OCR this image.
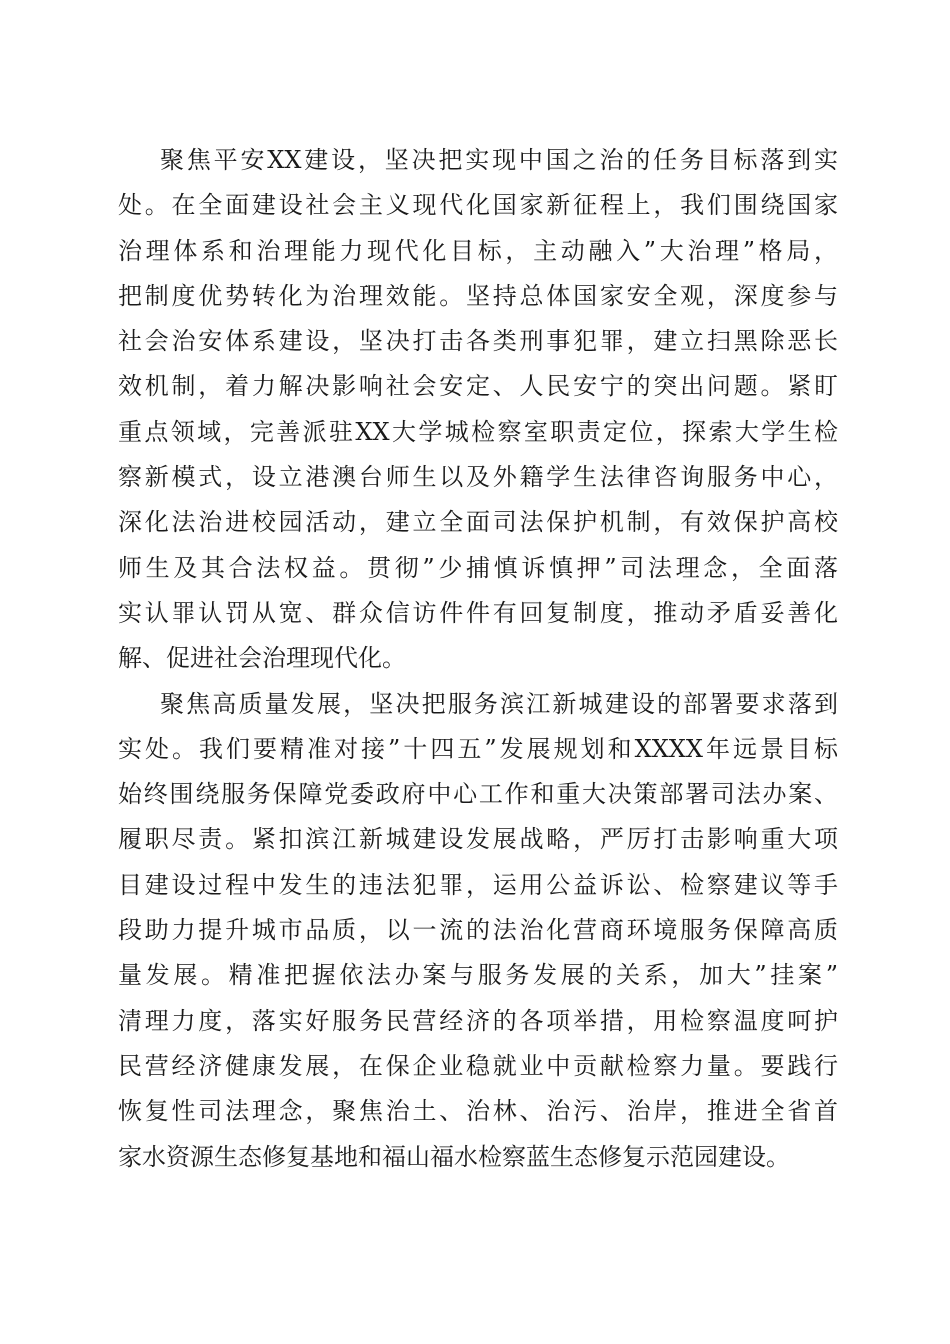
聚焦平安XX建设，坚决把实现中国之治的任务目标落到实
处。在全面建设社会主义现代化国家新征程上，我们围绕国家
治理体系和治理能力现代化目标，主动融入”大治理”格局，
把制度优势转化为治理效能。坚持总体国家安全观，深度参与
社会治安体系建设，坚决打击各类刑事犯罪，建立扫黑除恶长
效机制，着力解决影响社会安定、人民安宁的突出问题。紧盯
重点领域，完善派驻XX大学城检察室职责定位，探索大学生检
察新模式，设立港澳台师生以及外籍学生法律咨询服务中心，
深化法治进校园活动，建立全面司法保护机制，有效保护高校
师生及其合法权益。贯彻”少捕慎诉慎押”司法理念，全面落
实认罪认罚从宽、群众信访件件有回复制度，推动矛盾妥善化
解、促进社会治理现代化。
聚焦高质量发展，坚决把服务滨江新城建设的部署要求落到
实处。我们要精准对接”十四五”发展规划和XXXX年远景目标
始终围绕服务保障党委政府中心工作和重大决策部署司法办案、
履职尽责。紧扣滨江新城建设发展战略，严厉打击影响重大项
目建设过程中发生的违法犯罪，运用公益诉讼、检察建议等手
段助力提升城市品质，以一流的法治化营商环境服务保障高质
量发展。精准把握依法办案与服务发展的关系，加大”挂案”
清理力度，落实好服务民营经济的各项举措，用检察温度呵护
民营经济健康发展，在保企业稳就业中贡献检察力量。要践行
恢复性司法理念，聚焦治土、治林、治污、治岸，推进全省首
家水资源生态修复基地和福山福水检察蓝生态修复示范园建设。
